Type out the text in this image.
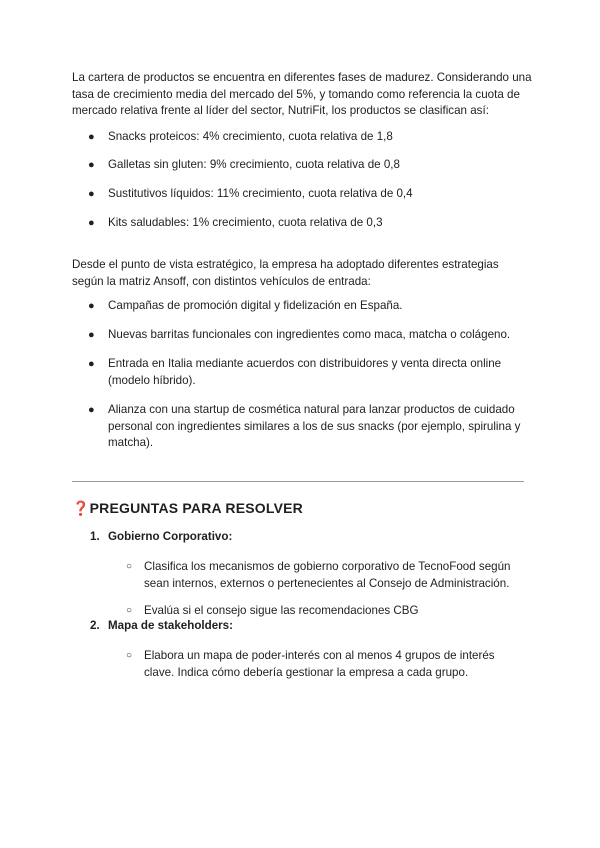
La cartera de productos se encuentra en diferentes fases de madurez. Considerando una tasa de crecimiento media del mercado del 5%, y tomando como referencia la cuota de mercado relativa frente al líder del sector, NutriFit, los productos se clasifican así:

● Snacks proteicos: 4% crecimiento, cuota relativa de 1,8
● Galletas sin gluten: 9% crecimiento, cuota relativa de 0,8
● Sustitutivos líquidos: 11% crecimiento, cuota relativa de 0,4
● Kits saludables: 1% crecimiento, cuota relativa de 0,3

Desde el punto de vista estratégico, la empresa ha adoptado diferentes estrategias según la matriz Ansoff, con distintos vehículos de entrada:

● Campañas de promoción digital y fidelización en España.
● Nuevas barritas funcionales con ingredientes como maca, matcha o colágeno.
● Entrada en Italia mediante acuerdos con distribuidores y venta directa online (modelo híbrido).
● Alianza con una startup de cosmética natural para lanzar productos de cuidado personal con ingredientes similares a los de sus snacks (por ejemplo, spirulina y matcha).
❓PREGUNTAS PARA RESOLVER
1. Gobierno Corporativo:
○	Clasifica los mecanismos de gobierno corporativo de TecnoFood según sean internos, externos o pertenecientes al Consejo de Administración.
○	Evalúa si el consejo sigue las recomendaciones CBG
2. Mapa de stakeholders:
○	Elabora un mapa de poder-interés con al menos 4 grupos de interés clave. Indica cómo debería gestionar la empresa a cada grupo.
